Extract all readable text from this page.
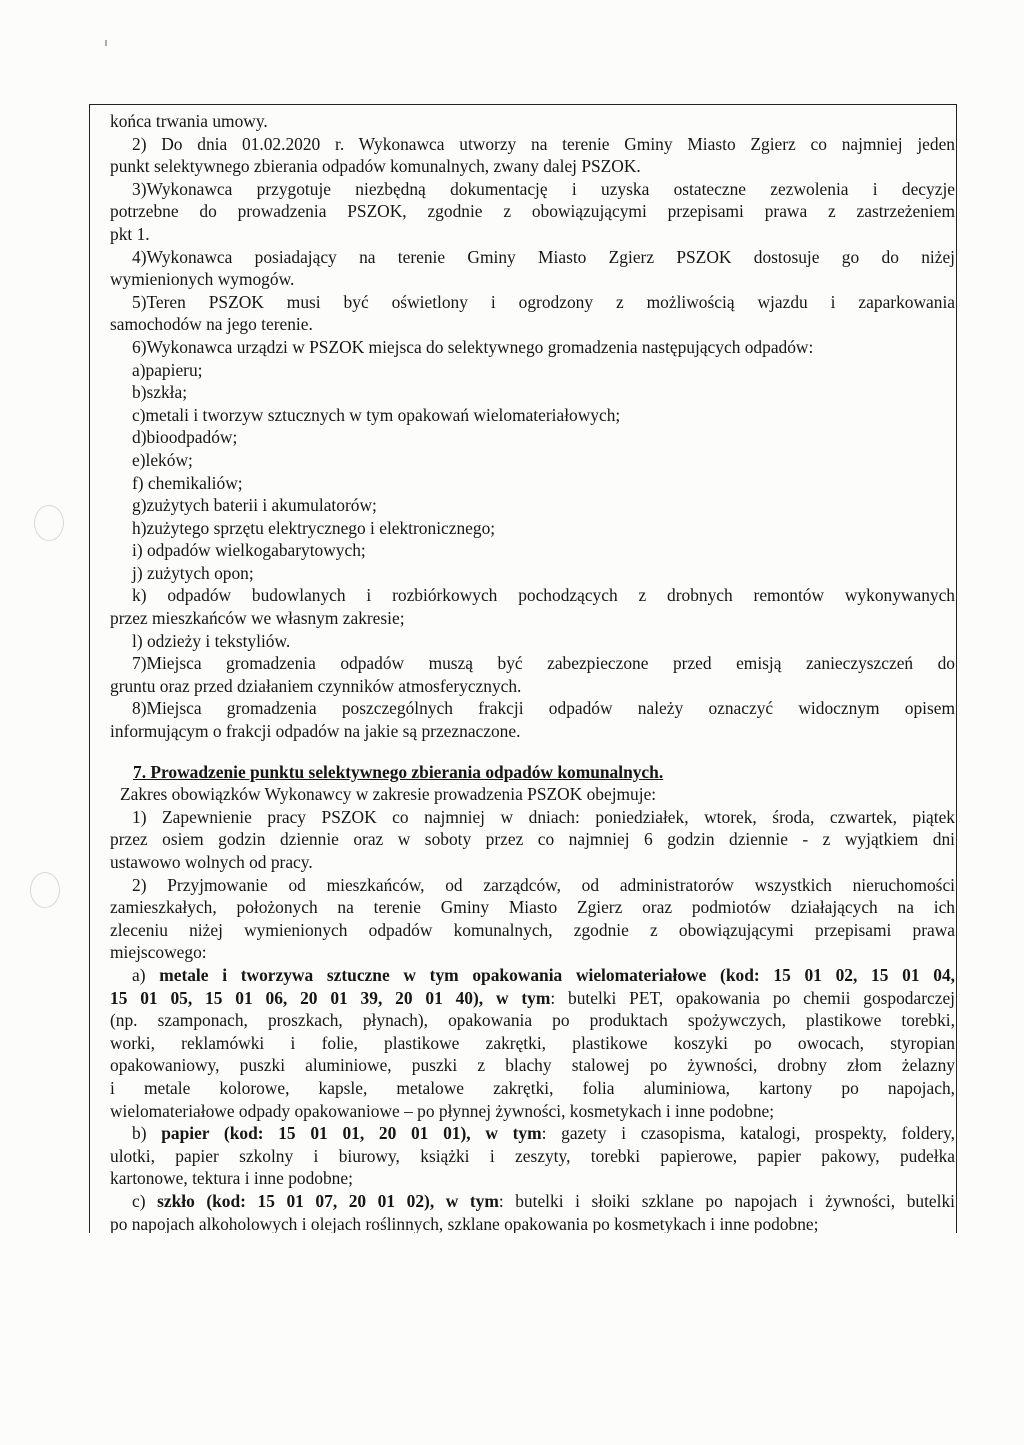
końca trwania umowy.
2) Do dnia 01.02.2020 r. Wykonawca utworzy na terenie Gminy Miasto Zgierz co najmniej jeden
punkt selektywnego zbierania odpadów komunalnych, zwany dalej PSZOK.
3)Wykonawca przygotuje niezbędną dokumentację i uzyska ostateczne zezwolenia i decyzje
potrzebne do prowadzenia PSZOK, zgodnie z obowiązującymi przepisami prawa z zastrzeżeniem
pkt 1.
4)Wykonawca posiadający na terenie Gminy Miasto Zgierz PSZOK dostosuje go do niżej
wymienionych wymogów.
5)Teren PSZOK musi być oświetlony i ogrodzony z możliwością wjazdu i zaparkowania
samochodów na jego terenie.
6)Wykonawca urządzi w PSZOK miejsca do selektywnego gromadzenia następujących odpadów:
a)papieru;
b)szkła;
c)metali i tworzyw sztucznych w tym opakowań wielomateriałowych;
d)bioodpadów;
e)leków;
f) chemikaliów;
g)zużytych baterii i akumulatorów;
h)zużytego sprzętu elektrycznego i elektronicznego;
i) odpadów wielkogabarytowych;
j) zużytych opon;
k) odpadów budowlanych i rozbiórkowych pochodzących z drobnych remontów wykonywanych
przez mieszkańców we własnym zakresie;
l) odzieży i tekstyliów.
7)Miejsca gromadzenia odpadów muszą być zabezpieczone przed emisją zanieczyszczeń do
gruntu oraz przed działaniem czynników atmosferycznych.
8)Miejsca gromadzenia poszczególnych frakcji odpadów należy oznaczyć widocznym opisem
informującym o frakcji odpadów na jakie są przeznaczone.
7. Prowadzenie punktu selektywnego zbierania odpadów komunalnych.
Zakres obowiązków Wykonawcy w zakresie prowadzenia PSZOK obejmuje:
1) Zapewnienie pracy PSZOK co najmniej w dniach: poniedziałek, wtorek, środa, czwartek, piątek
przez osiem godzin dziennie oraz w soboty przez co najmniej 6 godzin dziennie - z wyjątkiem dni
ustawowo wolnych od pracy.
2) Przyjmowanie od mieszkańców, od zarządców, od administratorów wszystkich nieruchomości
zamieszkałych, położonych na terenie Gminy Miasto Zgierz oraz podmiotów działających na ich
zleceniu niżej wymienionych odpadów komunalnych, zgodnie z obowiązującymi przepisami prawa
miejscowego:
a) metale i tworzywa sztuczne w tym opakowania wielomateriałowe (kod: 15 01 02, 15 01 04,
15 01 05, 15 01 06, 20 01 39, 20 01 40), w tym: butelki PET, opakowania po chemii gospodarczej
(np. szamponach, proszkach, płynach), opakowania po produktach spożywczych, plastikowe torebki,
worki, reklamówki i folie, plastikowe zakrętki, plastikowe koszyki po owocach, styropian
opakowaniowy, puszki aluminiowe, puszki z blachy stalowej po żywności, drobny złom żelazny
i metale kolorowe, kapsle, metalowe zakrętki, folia aluminiowa, kartony po napojach,
wielomateriałowe odpady opakowaniowe – po płynnej żywności, kosmetykach i inne podobne;
b) papier (kod: 15 01 01, 20 01 01), w tym: gazety i czasopisma, katalogi, prospekty, foldery,
ulotki, papier szkolny i biurowy, książki i zeszyty, torebki papierowe, papier pakowy, pudełka
kartonowe, tektura i inne podobne;
c) szkło (kod: 15 01 07, 20 01 02), w tym: butelki i słoiki szklane po napojach i żywności, butelki
po napojach alkoholowych i olejach roślinnych, szklane opakowania po kosmetykach i inne podobne;
